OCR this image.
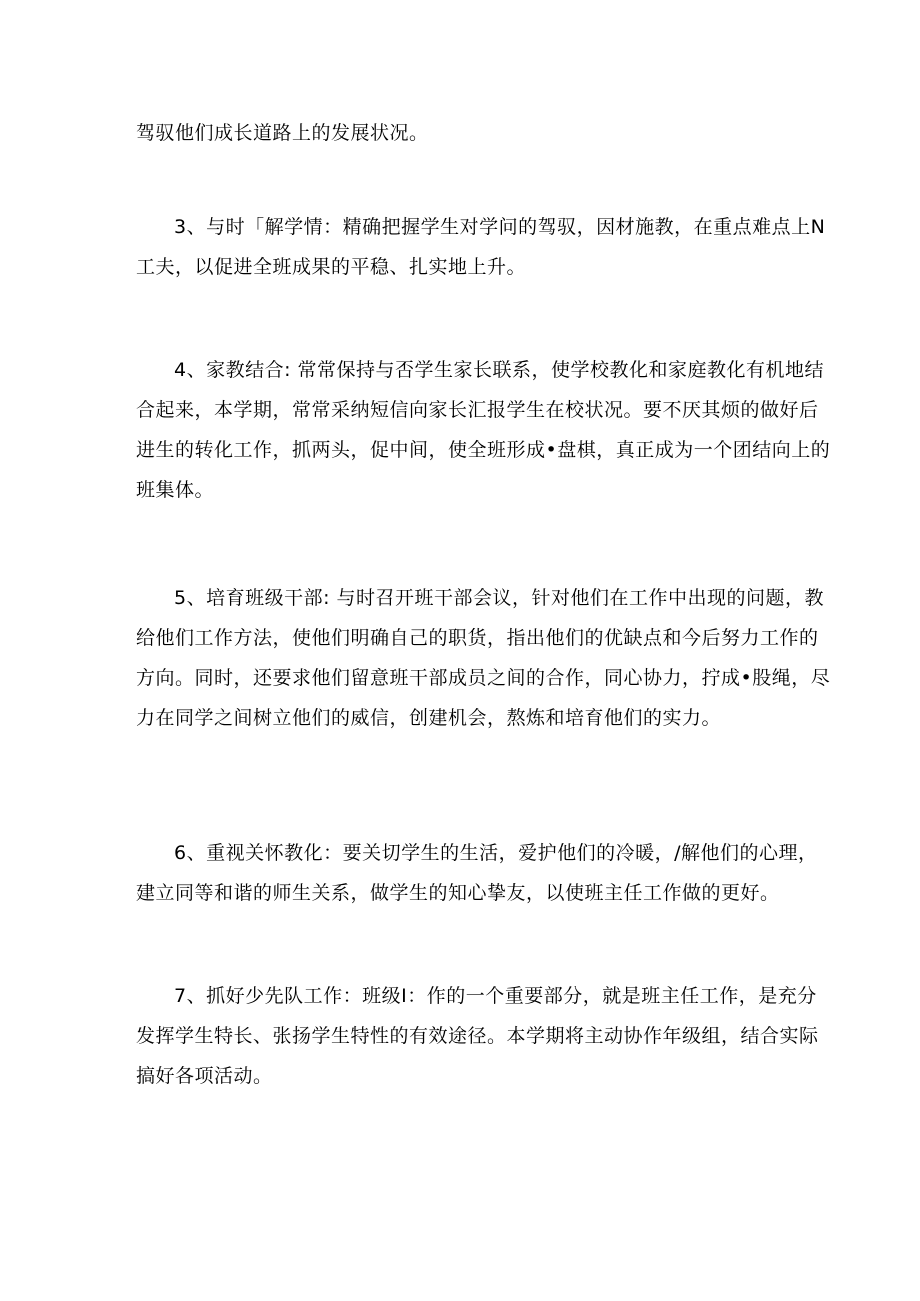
驾驭他们成长道路上的发展状况。
3、与时「解学情：精确把握学生对学问的驾驭，因材施教，在重点难点上N
工夫，以促进全班成果的平稳、扎实地上升。
4、家教结合: 常常保持与否学生家长联系，使学校教化和家庭教化有机地结
合起来，本学期，常常采纳短信向家长汇报学生在校状况。要不厌其烦的做好后
进生的转化工作，抓两头，促中间，使全班形成•盘棋，真正成为一个团结向上的
班集体。
5、培育班级干部: 与时召开班干部会议，针对他们在工作中出现的问题，教
给他们工作方法，使他们明确自己的职货，指出他们的优缺点和今后努力工作的
方向。同时，还要求他们留意班干部成员之间的合作，同心协力，拧成•股绳，尽
力在同学之间树立他们的威信，创建机会，熬炼和培育他们的实力。
6、重视关怀教化：要关切学生的生活，爱护他们的冷暖，/解他们的心理，
建立同等和谐的师生关系，做学生的知心挚友，以使班主任工作做的更好。
7、抓好少先队工作：班级I：作的一个重要部分，就是班主任工作，是充分
发挥学生特长、张扬学生特性的有效途径。本学期将主动协作年级组，结合实际
搞好各项活动。
